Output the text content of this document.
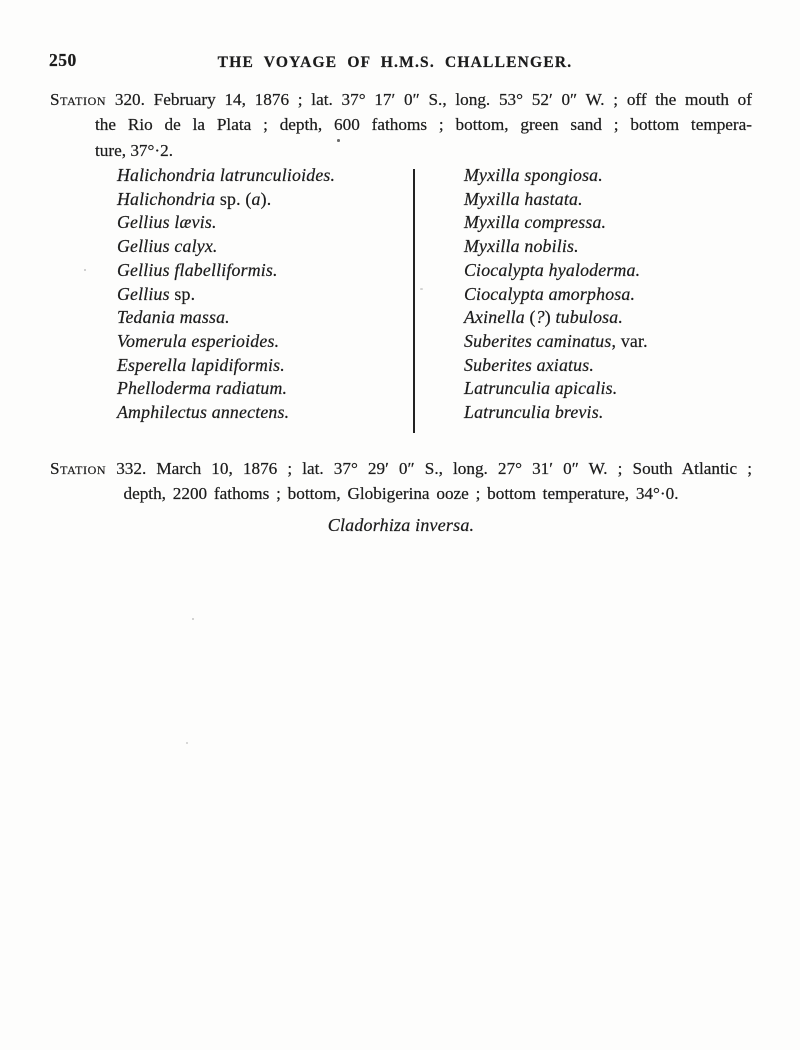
250	THE VOYAGE OF H.M.S. CHALLENGER.
Station 320. February 14, 1876 ; lat. 37° 17′ 0″ S., long. 53° 52′ 0″ W. ; off the mouth of
the Rio de la Plata ; depth, 600 fathoms ; bottom, green sand ; bottom tempera-
ture, 37°·2.
Halichondria latrunculioides.
Halichondria sp. (a).
Gellius lævis.
Gellius calyx.
Gellius flabelliformis.
Gellius sp.
Tedania massa.
Vomerula esperioides.
Esperella lapidiformis.
Phelloderma radiatum.
Amphilectus annectens.
Myxilla spongiosa.
Myxilla hastata.
Myxilla compressa.
Myxilla nobilis.
Ciocalypta hyaloderma.
Ciocalypta amorphosa.
Axinella (?) tubulosa.
Suberites caminatus, var.
Suberites axiatus.
Latrunculia apicalis.
Latrunculia brevis.
Station 332. March 10, 1876 ; lat. 37° 29′ 0″ S., long. 27° 31′ 0″ W. ; South Atlantic ;
depth, 2200 fathoms ; bottom, Globigerina ooze ; bottom temperature, 34°·0.
Cladorhiza inversa.
